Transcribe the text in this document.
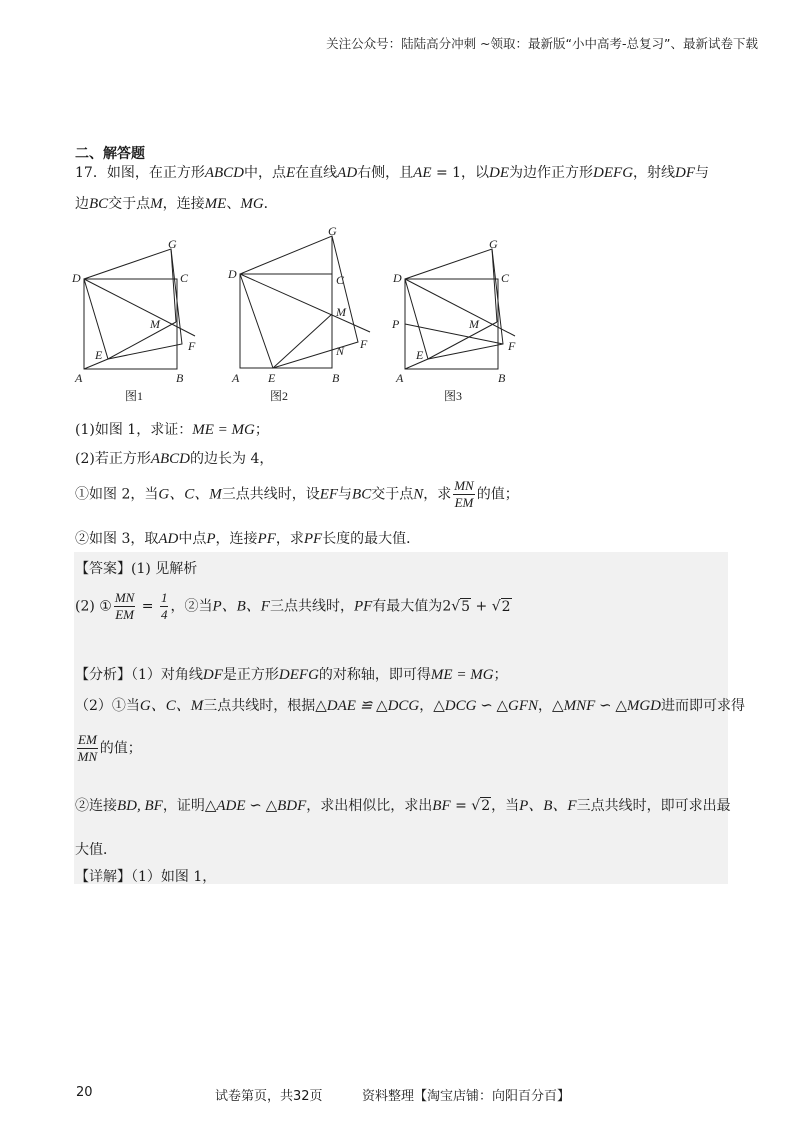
关注公众号：陆陆高分冲刺 ~领取：最新版“小中高考-总复习”、最新试卷下载
二、解答题
17．如图，在正方形ABCD中，点E在直线AD右侧，且AE = 1，以DE为边作正方形DEFG，射线DF与
边BC交于点M，连接ME、MG．
G
D	C
M
E
F
A	B
图1
G
D	C
M
F
N
A E	B
图2
G
D	C
P	M
E
F
A	B
图3
(1)如图 1，求证：ME = MG；
(2)若正方形ABCD的边长为 4，
①如图 2，当G、C、M三点共线时，设EF与BC交于点N，求 $\frac{MN}{EM}$ 的值；
②如图 3，取AD中点P，连接PF，求PF长度的最大值．
【答案】(1) 见解析
(2) ① $\frac{MN}{EM} = \frac{1}{4}$ ，②当P、B、F三点共线时，PF有最大值为2√5 + √2
【分析】（1）对角线DF是正方形DEFG的对称轴，即可得ME = MG；
（2）①当G、C、M三点共线时，根据△DAE ≌ △DCG，△DCG ∽ △GFN，△MNF ∽ △MGD进而即可求得
$\frac{EM}{MN}$ 的值；
②连接BD, BF，证明△ADE ∽ △BDF，求出相似比，求出BF = √2，当P、B、F三点共线时，即可求出最
大值．
【详解】（1）如图 1，
20	试卷第页，共32页	资料整理【淘宝店铺：向阳百分百】
